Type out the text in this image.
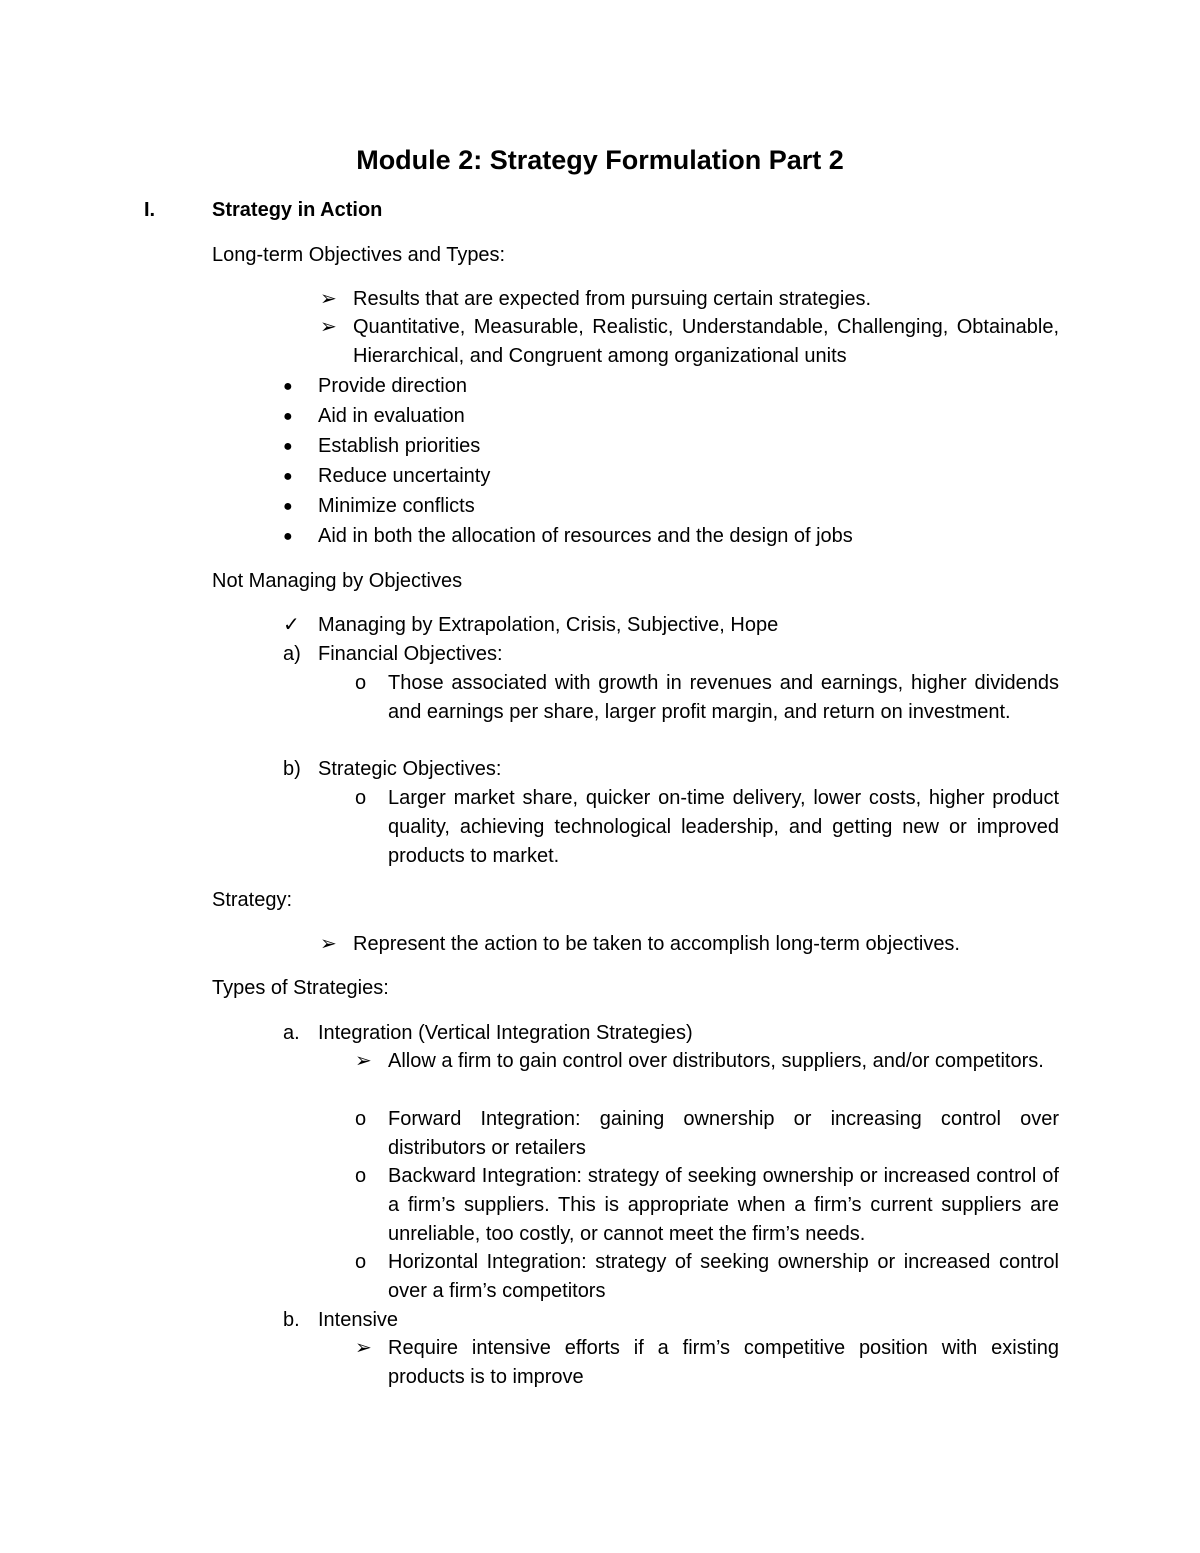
Module 2: Strategy Formulation Part 2
I.	Strategy in Action
Long-term Objectives and Types:
➢ Results that are expected from pursuing certain strategies.
➢ Quantitative, Measurable, Realistic, Understandable, Challenging, Obtainable, Hierarchical, and Congruent among organizational units
● Provide direction
● Aid in evaluation
● Establish priorities
● Reduce uncertainty
● Minimize conflicts
● Aid in both the allocation of resources and the design of jobs
Not Managing by Objectives
✓ Managing by Extrapolation, Crisis, Subjective, Hope
a) Financial Objectives:
o Those associated with growth in revenues and earnings, higher dividends and earnings per share, larger profit margin, and return on investment.
b) Strategic Objectives:
o Larger market share, quicker on-time delivery, lower costs, higher product quality, achieving technological leadership, and getting new or improved products to market.
Strategy:
➢ Represent the action to be taken to accomplish long-term objectives.
Types of Strategies:
a. Integration (Vertical Integration Strategies)
➢ Allow a firm to gain control over distributors, suppliers, and/or competitors.
o Forward Integration: gaining ownership or increasing control over distributors or retailers
o Backward Integration: strategy of seeking ownership or increased control of a firm’s suppliers. This is appropriate when a firm’s current suppliers are unreliable, too costly, or cannot meet the firm’s needs.
o Horizontal Integration: strategy of seeking ownership or increased control over a firm’s competitors
b. Intensive
➢ Require intensive efforts if a firm’s competitive position with existing products is to improve
